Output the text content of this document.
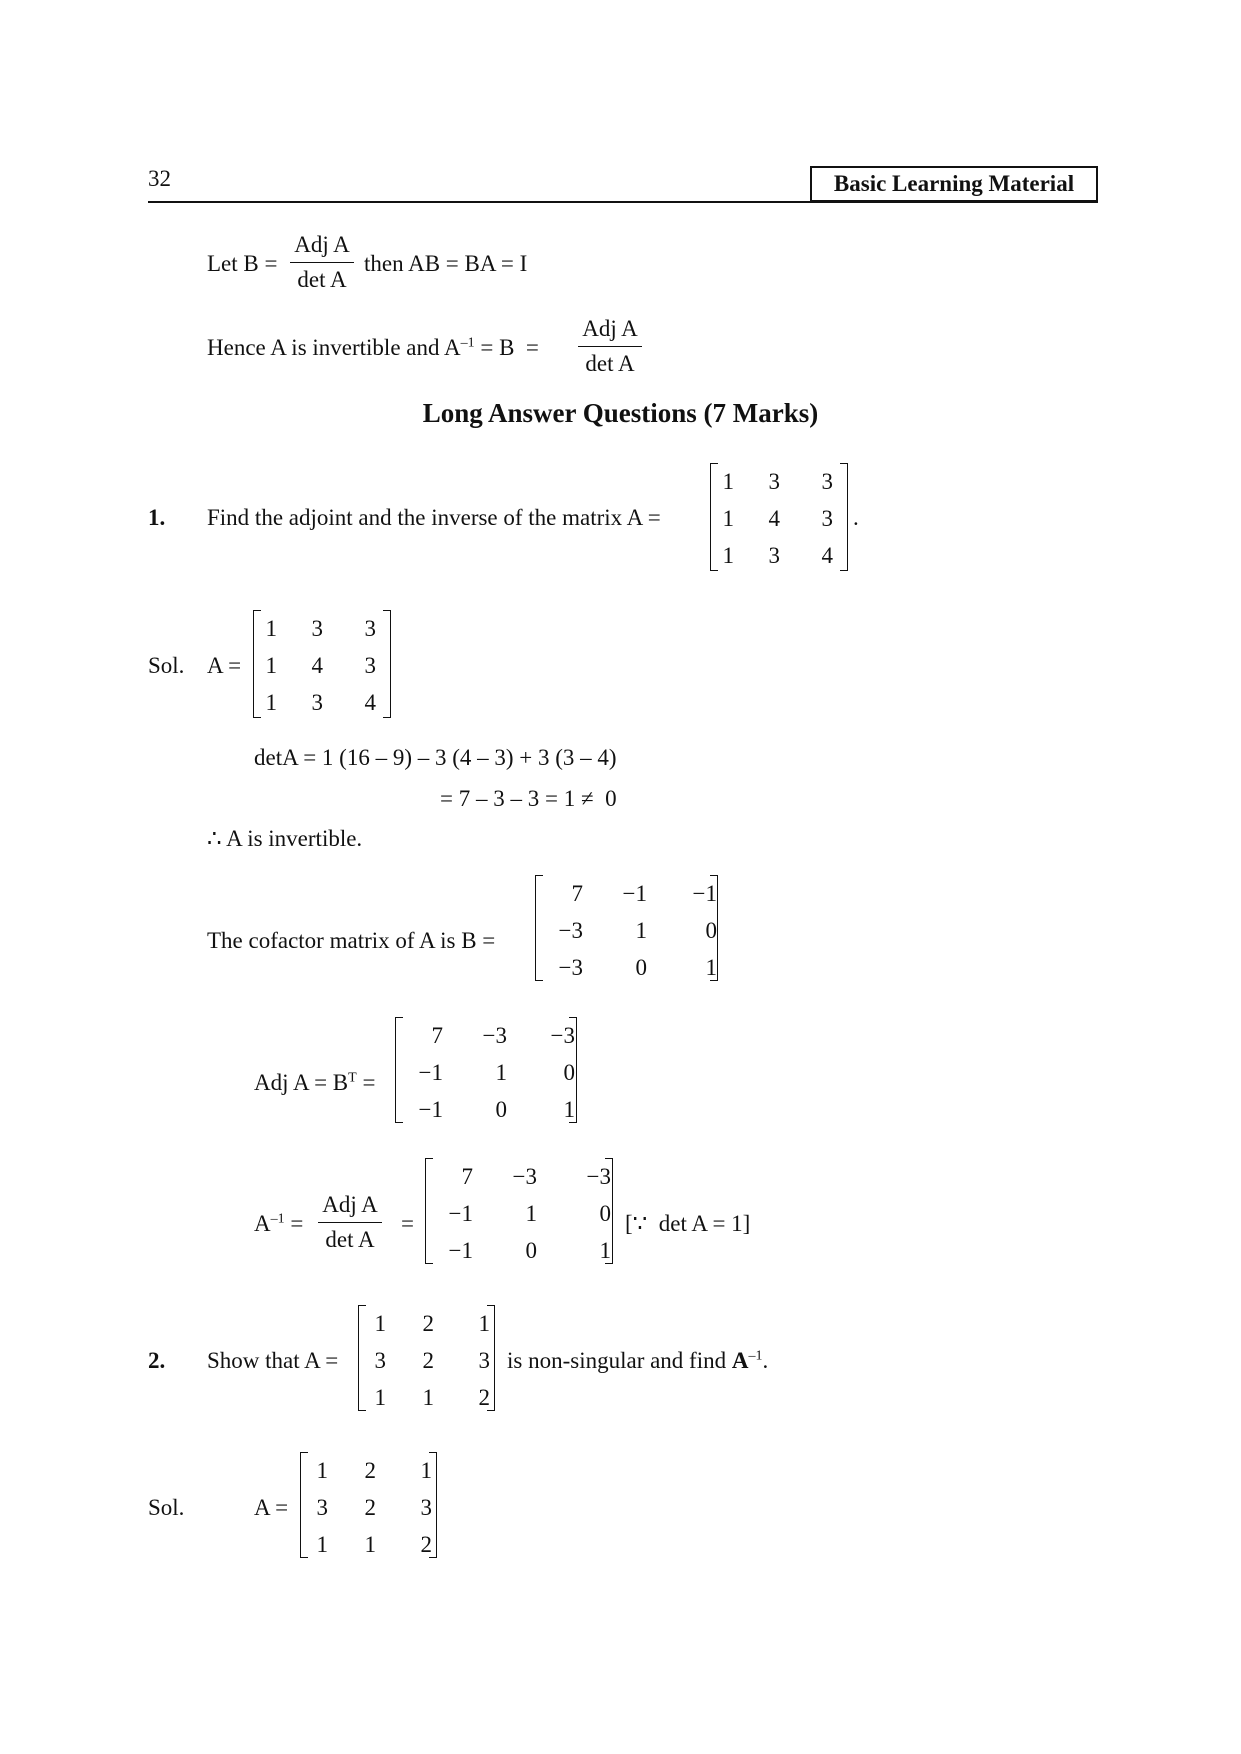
32	Basic Learning Material
Let B =
Adj A
det A
then AB = BA = I
Hence A is invertible and $A^{-1} = B$  =
Adj A
det A
Long Answer Questions (7 Marks)
1. Find the adjoint and the inverse of the matrix A =
1 3 3
1 4 3
1 3 4
.
Sol. A =
1 3 3
1 4 3
1 3 4
detA = 1 (16 – 9) – 3 (4 – 3) + 3 (3 – 4)
= 7 – 3 – 3 = 1 ≠  0
∴ A is invertible.
The cofactor matrix of A is B =
7 −1 −1
−3 1	0
−3 0	1
Adj $A = B^T$ =
7 −3 −3
−1 1 0
−1 0 1
$A^{-1}$ =
Adj A
det A
=
7 −3 −3
−1 1	0
−1 0	1
[∵  det A = 1]
2. Show that A =
1 2 1
3 2 3
1 1 2
is non-singular and find $A^{-1}$.
Sol.	A =
1 2 1
3 2 3
1 1 2
